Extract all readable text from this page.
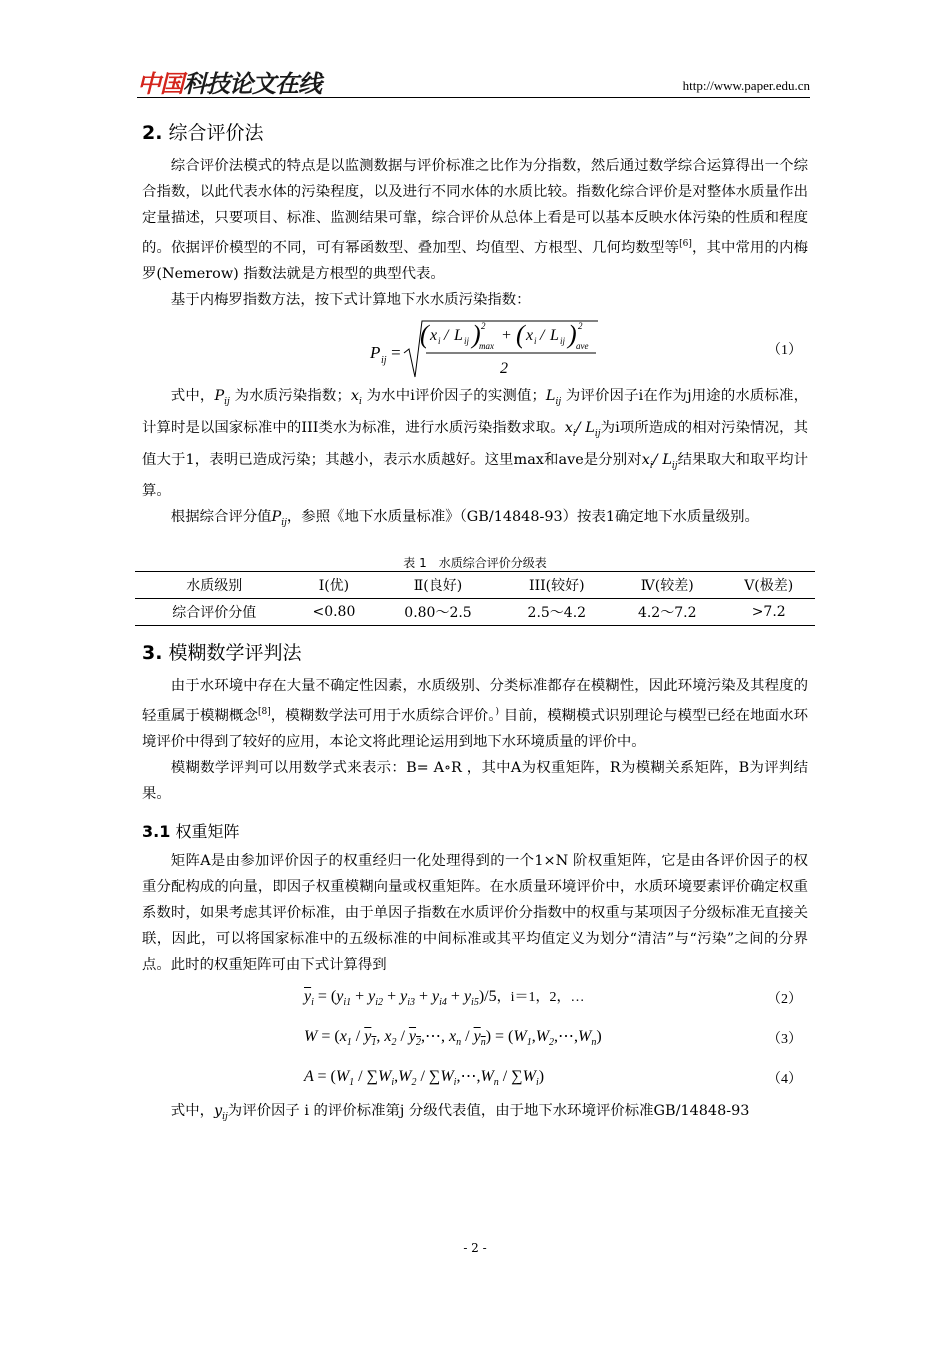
中国科技论文在线	http://www.paper.edu.cn
2. 综合评价法

综合评价法模式的特点是以监测数据与评价标准之比作为分指数，然后通过数学综合运算得出一个综合指数，以此代表水体的污染程度，以及进行不同水体的水质比较。指数化综合评价是对整体水质量作出定量描述，只要项目、标准、监测结果可靠，综合评价从总体上看是可以基本反映水体污染的性质和程度的。依据评价模型的不同，可有幂函数型、叠加型、均值型、方根型、几何均数型等[6]，其中常用的内梅罗(Nemerow) 指数法就是方根型的典型代表。

基于内梅罗指数方法，按下式计算地下水水质污染指数：

P ij =
( x i / L ij ) 2
max
+ ( x i / L ij ) 2
ave
2
（1）

式中，$P_{ij}$ 为水质污染指数；$x_i$ 为水中i评价因子的实测值；$L_{ij}$ 为评价因子i在作为j用途的水质标准，计算时是以国家标准中的III类水为标准，进行水质污染指数求取。$x_i/$ $L_{ij}$为i项所造成的相对污染情况，其值大于1，表明已造成污染；其越小，表示水质越好。这里max和ave是分别对$x_i/$ $L_{ij}$结果取大和取平均计算。

根据综合评分值$P_{ij}$，参照《地下水质量标准》（GB/14848-93）按表1确定地下水质量级别。

表 1　水质综合评价分级表
水质级别	Ⅰ(优)	Ⅱ(良好)	III(较好)	Ⅳ(较差)	Ⅴ(极差)
综合评价分值	<0.80	0.80～2.5	2.5～4.2	4.2～7.2	>7.2
3. 模糊数学评判法

由于水环境中存在大量不确定性因素，水质级别、分类标准都存在模糊性，因此环境污染及其程度的轻重属于模糊概念[8]，模糊数学法可用于水质综合评价。) 目前，模糊模式识别理论与模型已经在地面水环境评价中得到了较好的应用，本论文将此理论运用到地下水环境质量的评价中。

模糊数学评判可以用数学式来表示：B= A∘R ，其中A为权重矩阵，R为模糊关系矩阵，B为评判结果。

3.1 权重矩阵

矩阵A是由参加评价因子的权重经归一化处理得到的一个1×N 阶权重矩阵，它是由各评价因子的权重分配构成的向量，即因子权重模糊向量或权重矩阵。在水质量环境评价中，水质环境要素评价确定权重系数时，如果考虑其评价标准，由于单因子指数在水质评价分指数中的权重与某项因子分级标准无直接关联，因此，可以将国家标准中的五级标准的中间标准或其平均值定义为划分“清洁”与“污染”之间的分界点。此时的权重矩阵可由下式计算得到

$\overline{y}_i = (y_{i1} + y_{i2} + y_{i3} + y_{i4} + y_{i5})/5$，i＝1，2，…	（2）
$W = (x_1 / y_1$, $x_2$ / $y_2,\cdots$, $x_n / y_n$) = $(W_1,W_2,\cdots,W_n)$	（3）
$A = (W_1 / \sum W_i,W_2$ / $\sum W_i,\cdots,W_n / \sum W_i$)	（4）

式中，$y_{ij}$为评价因子 i 的评价标准第j 分级代表值，由于地下水环境评价标准GB/14848-93

- 2 -
